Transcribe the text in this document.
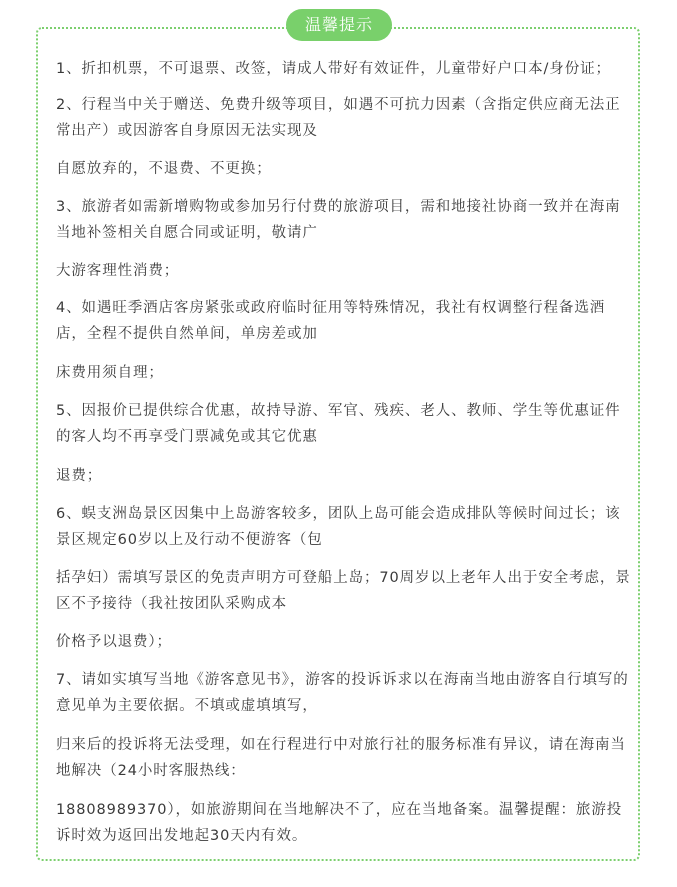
温馨提示

1、折扣机票，不可退票、改签，请成人带好有效证件，儿童带好户口本/身份证；

2、行程当中关于赠送、免费升级等项目，如遇不可抗力因素（含指定供应商无法正常出产）或因游客自身原因无法实现及

自愿放弃的，不退费、不更换；

3、旅游者如需新增购物或参加另行付费的旅游项目，需和地接社协商一致并在海南当地补签相关自愿合同或证明，敬请广

大游客理性消费；

4、如遇旺季酒店客房紧张或政府临时征用等特殊情况，我社有权调整行程备选酒店，全程不提供自然单间，单房差或加

床费用须自理；

5、因报价已提供综合优惠，故持导游、军官、残疾、老人、教师、学生等优惠证件的客人均不再享受门票减免或其它优惠

退费；

6、蜈支洲岛景区因集中上岛游客较多，团队上岛可能会造成排队等候时间过长；该景区规定60岁以上及行动不便游客（包

括孕妇）需填写景区的免责声明方可登船上岛；70周岁以上老年人出于安全考虑，景区不予接待（我社按团队采购成本

价格予以退费）；

7、请如实填写当地《游客意见书》，游客的投诉诉求以在海南当地由游客自行填写的意见单为主要依据。不填或虚填填写，

归来后的投诉将无法受理，如在行程进行中对旅行社的服务标准有异议，请在海南当地解决（24小时客服热线：

18808989370），如旅游期间在当地解决不了，应在当地备案。温馨提醒：旅游投诉时效为返回出发地起30天内有效。
